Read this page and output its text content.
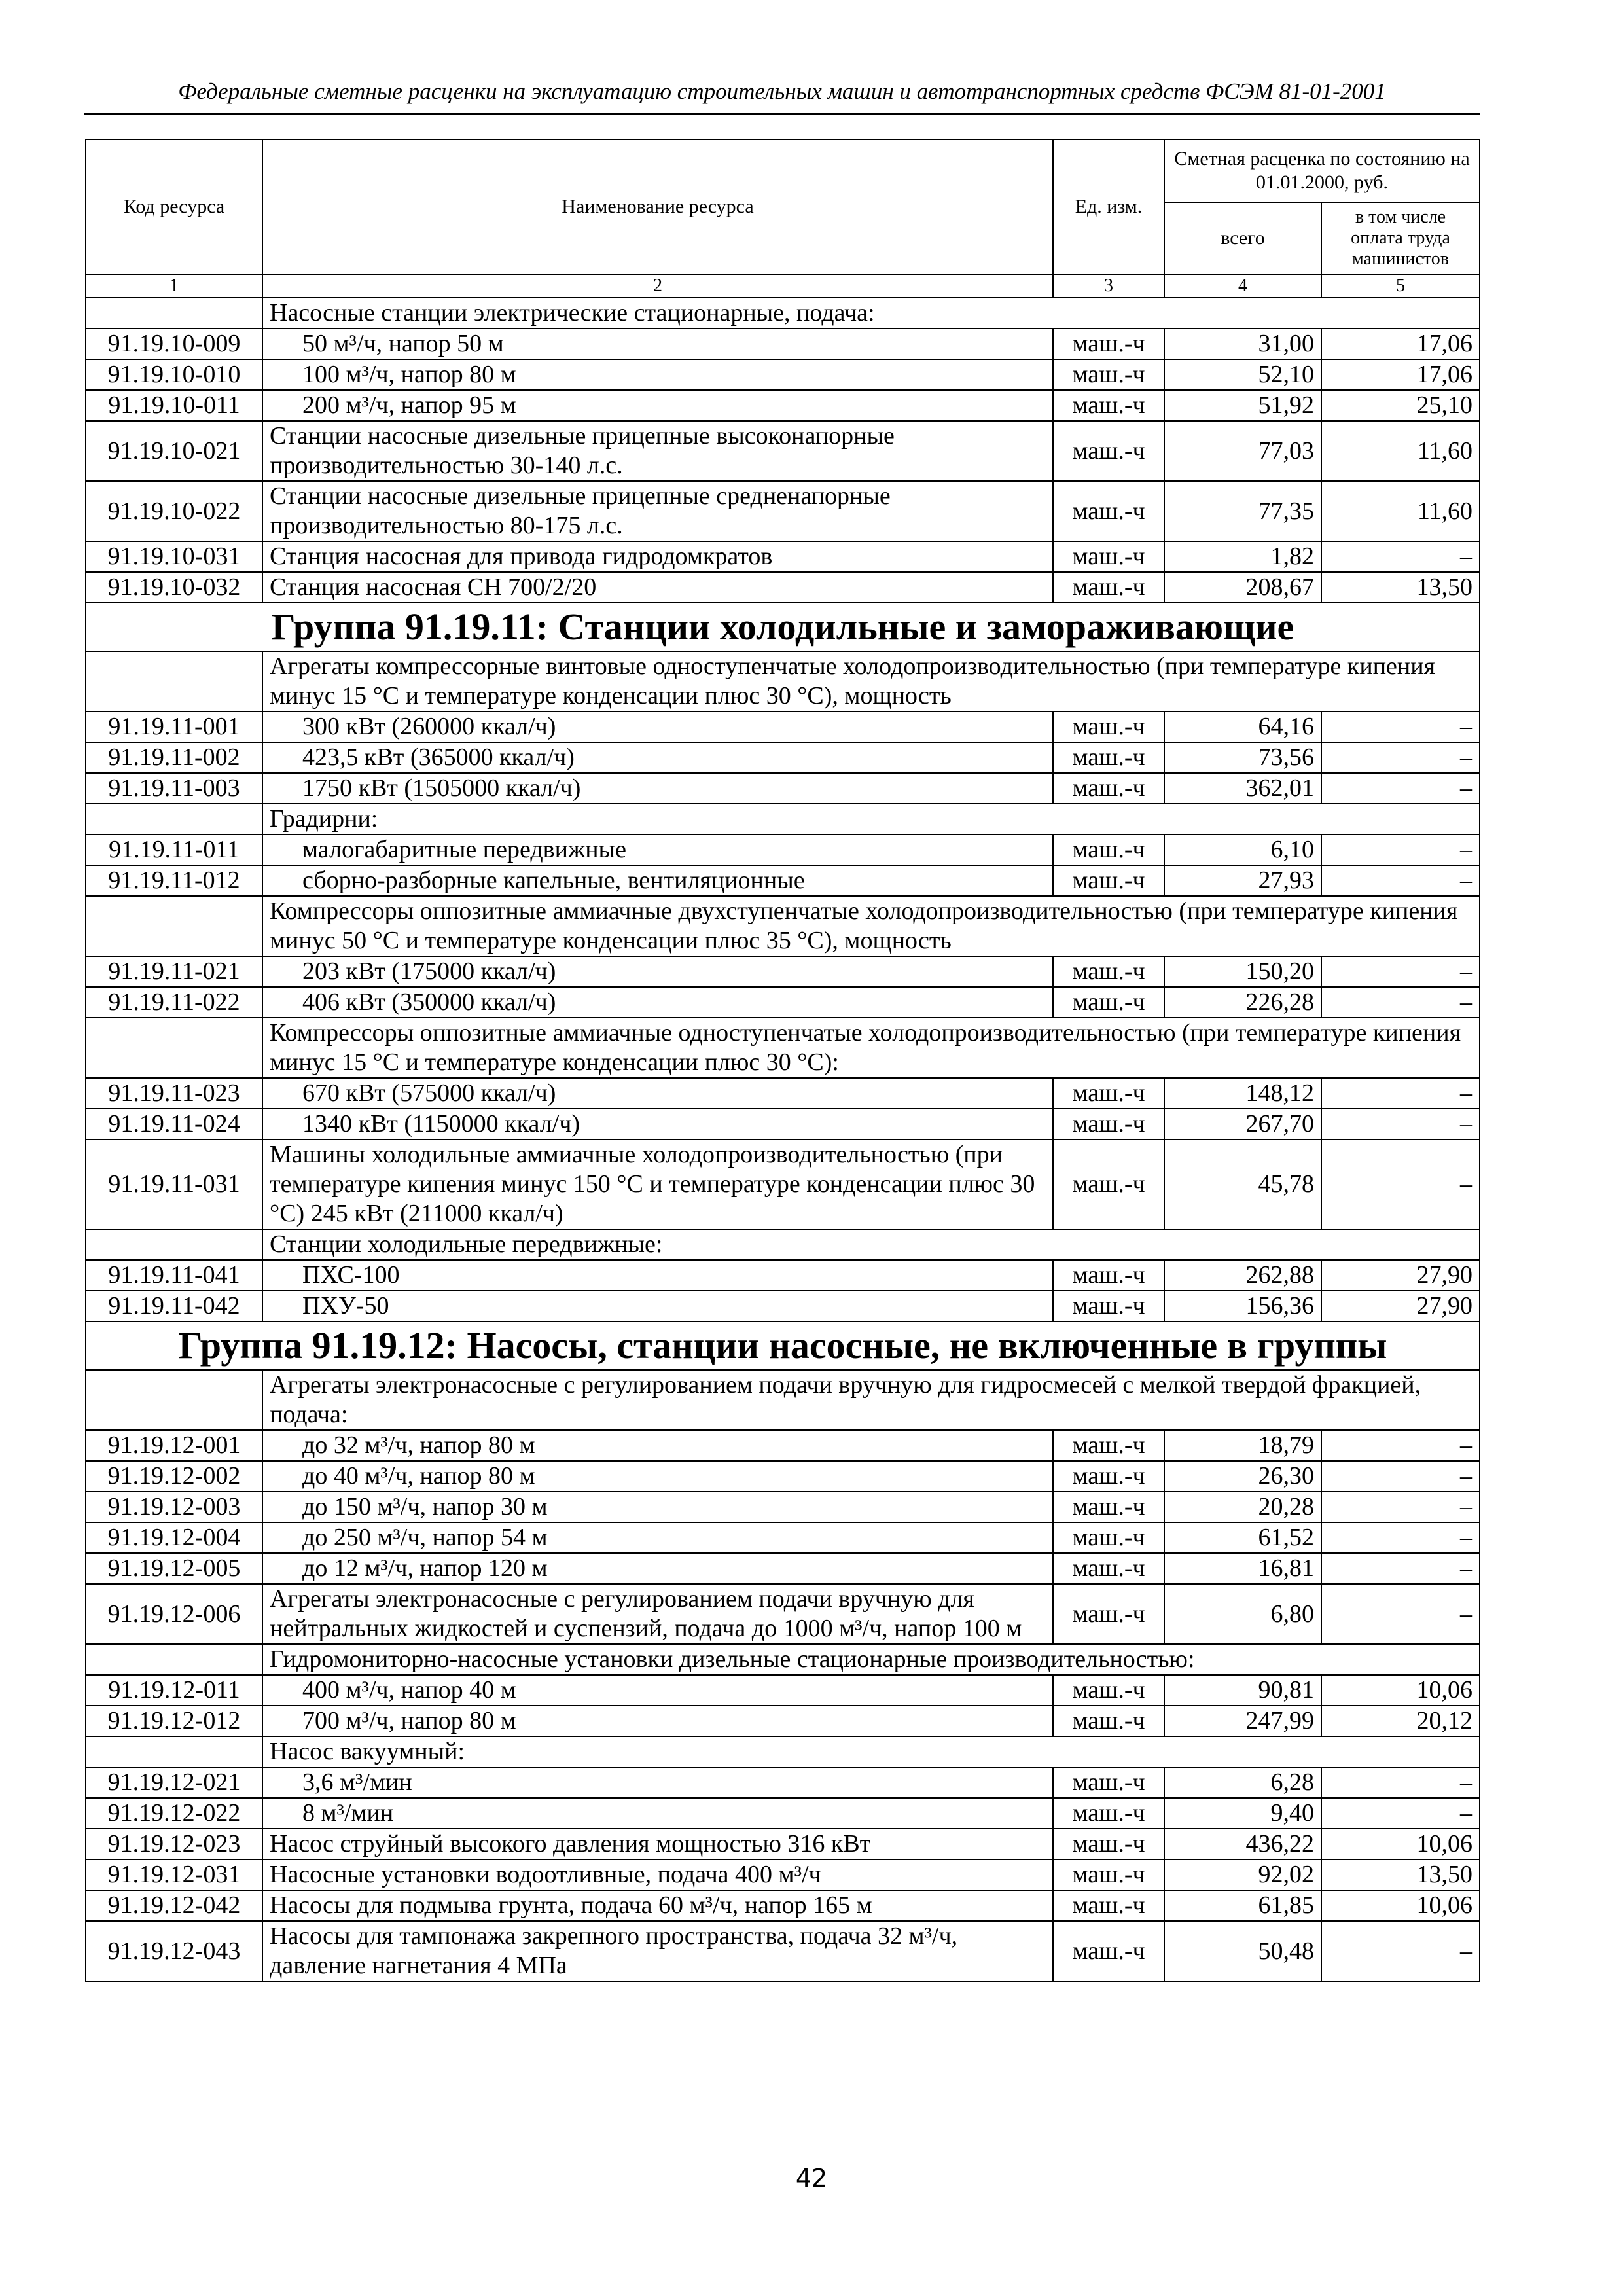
Федеральные сметные расценки на эксплуатацию строительных машин и автотранспортных средств ФСЭМ 81-01-2001
Код ресурса	Наименование ресурса	Ед. изм.	Сметная расценка по состоянию на 01.01.2000, руб.	
			всего	в том числе оплата труда машинистов
1	2	3	4	5
	Насосные станции электрические стационарные, подача:			
91.19.10-009	50 м³/ч, напор 50 м	маш.-ч	31,00	17,06
91.19.10-010	100 м³/ч, напор 80 м	маш.-ч	52,10	17,06
91.19.10-011	200 м³/ч, напор 95 м	маш.-ч	51,92	25,10
91.19.10-021	Станции насосные дизельные прицепные высоконапорные производительностью 30-140 л.с.	маш.-ч	77,03	11,60
91.19.10-022	Станции насосные дизельные прицепные средненапорные производительностью 80-175 л.с.	маш.-ч	77,35	11,60
91.19.10-031	Станция насосная для привода гидродомкратов	маш.-ч	1,82	–
91.19.10-032	Станция насосная СН 700/2/20	маш.-ч	208,67	13,50
Группа 91.19.11: Станции холодильные и замораживающие				
	Агрегаты компрессорные винтовые одноступенчатые холодопроизводительностью (при температуре кипения минус 15 °С и температуре конденсации плюс 30 °С), мощность			
91.19.11-001	300 кВт (260000 ккал/ч)	маш.-ч	64,16	–
91.19.11-002	423,5 кВт (365000 ккал/ч)	маш.-ч	73,56	–
91.19.11-003	1750 кВт (1505000 ккал/ч)	маш.-ч	362,01	–
	Градирни:			
91.19.11-011	малогабаритные передвижные	маш.-ч	6,10	–
91.19.11-012	сборно-разборные капельные, вентиляционные	маш.-ч	27,93	–
	Компрессоры оппозитные аммиачные двухступенчатые холодопроизводительностью (при температуре кипения минус 50 °С и температуре конденсации плюс 35 °С), мощность			
91.19.11-021	203 кВт (175000 ккал/ч)	маш.-ч	150,20	–
91.19.11-022	406 кВт (350000 ккал/ч)	маш.-ч	226,28	–
	Компрессоры оппозитные аммиачные одноступенчатые холодопроизводительностью (при температуре кипения минус 15 °С и температуре конденсации плюс 30 °С):			
91.19.11-023	670 кВт (575000 ккал/ч)	маш.-ч	148,12	–
91.19.11-024	1340 кВт (1150000 ккал/ч)	маш.-ч	267,70	–
91.19.11-031	Машины холодильные аммиачные холодопроизводительностью (при температуре кипения минус 150 °С и температуре конденсации плюс 30 °С) 245 кВт (211000 ккал/ч)	маш.-ч	45,78	–
	Станции холодильные передвижные:			
91.19.11-041	ПХС-100	маш.-ч	262,88	27,90
91.19.11-042	ПХУ-50	маш.-ч	156,36	27,90
Группа 91.19.12: Насосы, станции насосные, не включенные в группы				
	Агрегаты электронасосные с регулированием подачи вручную для гидросмесей с мелкой твердой фракцией, подача:			
91.19.12-001	до 32 м³/ч, напор 80 м	маш.-ч	18,79	–
91.19.12-002	до 40 м³/ч, напор 80 м	маш.-ч	26,30	–
91.19.12-003	до 150 м³/ч, напор 30 м	маш.-ч	20,28	–
91.19.12-004	до 250 м³/ч, напор 54 м	маш.-ч	61,52	–
91.19.12-005	до 12 м³/ч, напор 120 м	маш.-ч	16,81	–
91.19.12-006	Агрегаты электронасосные с регулированием подачи вручную для нейтральных жидкостей и суспензий, подача до 1000 м³/ч, напор 100 м	маш.-ч	6,80	–
	Гидромониторно-насосные установки дизельные стационарные производительностью:			
91.19.12-011	400 м³/ч, напор 40 м	маш.-ч	90,81	10,06
91.19.12-012	700 м³/ч, напор 80 м	маш.-ч	247,99	20,12
	Насос вакуумный:			
91.19.12-021	3,6 м³/мин	маш.-ч	6,28	–
91.19.12-022	8 м³/мин	маш.-ч	9,40	–
91.19.12-023	Насос струйный высокого давления мощностью 316 кВт	маш.-ч	436,22	10,06
91.19.12-031	Насосные установки водоотливные, подача 400 м³/ч	маш.-ч	92,02	13,50
91.19.12-042	Насосы для подмыва грунта, подача 60 м³/ч, напор 165 м	маш.-ч	61,85	10,06
91.19.12-043	Насосы для тампонажа закрепного пространства, подача 32 м³/ч, давление нагнетания 4 МПа	маш.-ч	50,48	–
42
